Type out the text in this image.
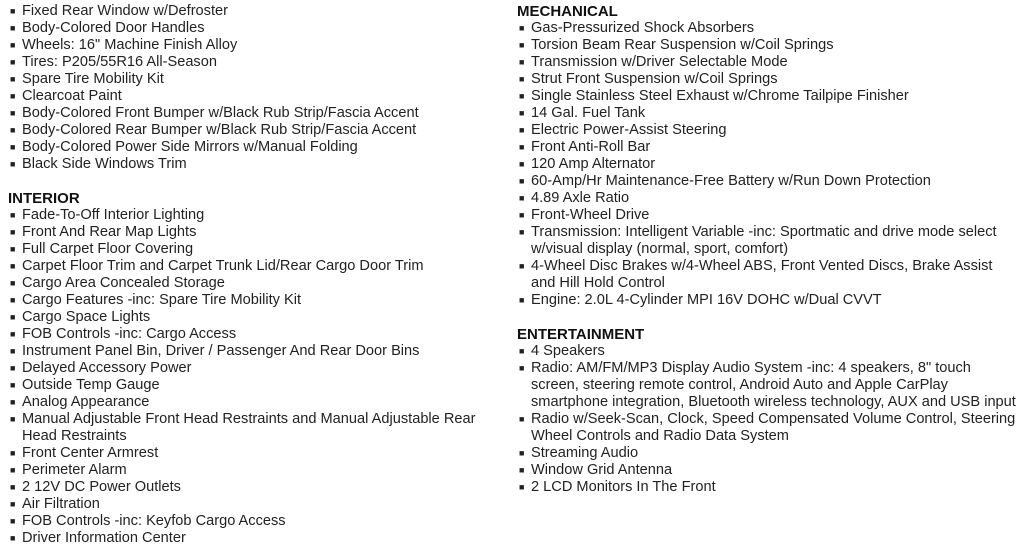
■ Fixed Rear Window w/Defroster
■ Body-Colored Door Handles
■ Wheels: 16" Machine Finish Alloy
■ Tires: P205/55R16 All-Season
■ Spare Tire Mobility Kit
■ Clearcoat Paint
■ Body-Colored Front Bumper w/Black Rub Strip/Fascia Accent
■ Body-Colored Rear Bumper w/Black Rub Strip/Fascia Accent
■ Body-Colored Power Side Mirrors w/Manual Folding
■ Black Side Windows Trim
INTERIOR
■ Fade-To-Off Interior Lighting
■ Front And Rear Map Lights
■ Full Carpet Floor Covering
■ Carpet Floor Trim and Carpet Trunk Lid/Rear Cargo Door Trim
■ Cargo Area Concealed Storage
■ Cargo Features -inc: Spare Tire Mobility Kit
■ Cargo Space Lights
■ FOB Controls -inc: Cargo Access
■ Instrument Panel Bin, Driver / Passenger And Rear Door Bins
■ Delayed Accessory Power
■ Outside Temp Gauge
■ Analog Appearance
■ Manual Adjustable Front Head Restraints and Manual Adjustable Rear Head Restraints
■ Front Center Armrest
■ Perimeter Alarm
■ 2 12V DC Power Outlets
■ Air Filtration
■ FOB Controls -inc: Keyfob Cargo Access
■ Driver Information Center
MECHANICAL
■ Gas-Pressurized Shock Absorbers
■ Torsion Beam Rear Suspension w/Coil Springs
■ Transmission w/Driver Selectable Mode
■ Strut Front Suspension w/Coil Springs
■ Single Stainless Steel Exhaust w/Chrome Tailpipe Finisher
■ 14 Gal. Fuel Tank
■ Electric Power-Assist Steering
■ Front Anti-Roll Bar
■ 120 Amp Alternator
■ 60-Amp/Hr Maintenance-Free Battery w/Run Down Protection
■ 4.89 Axle Ratio
■ Front-Wheel Drive
■ Transmission: Intelligent Variable -inc: Sportmatic and drive mode select w/visual display (normal, sport, comfort)
■ 4-Wheel Disc Brakes w/4-Wheel ABS, Front Vented Discs, Brake Assist and Hill Hold Control
■ Engine: 2.0L 4-Cylinder MPI 16V DOHC w/Dual CVVT
ENTERTAINMENT
■ 4 Speakers
■ Radio: AM/FM/MP3 Display Audio System -inc: 4 speakers, 8" touch screen, steering remote control, Android Auto and Apple CarPlay smartphone integration, Bluetooth wireless technology, AUX and USB input
■ Radio w/Seek-Scan, Clock, Speed Compensated Volume Control, Steering Wheel Controls and Radio Data System
■ Streaming Audio
■ Window Grid Antenna
■ 2 LCD Monitors In The Front
